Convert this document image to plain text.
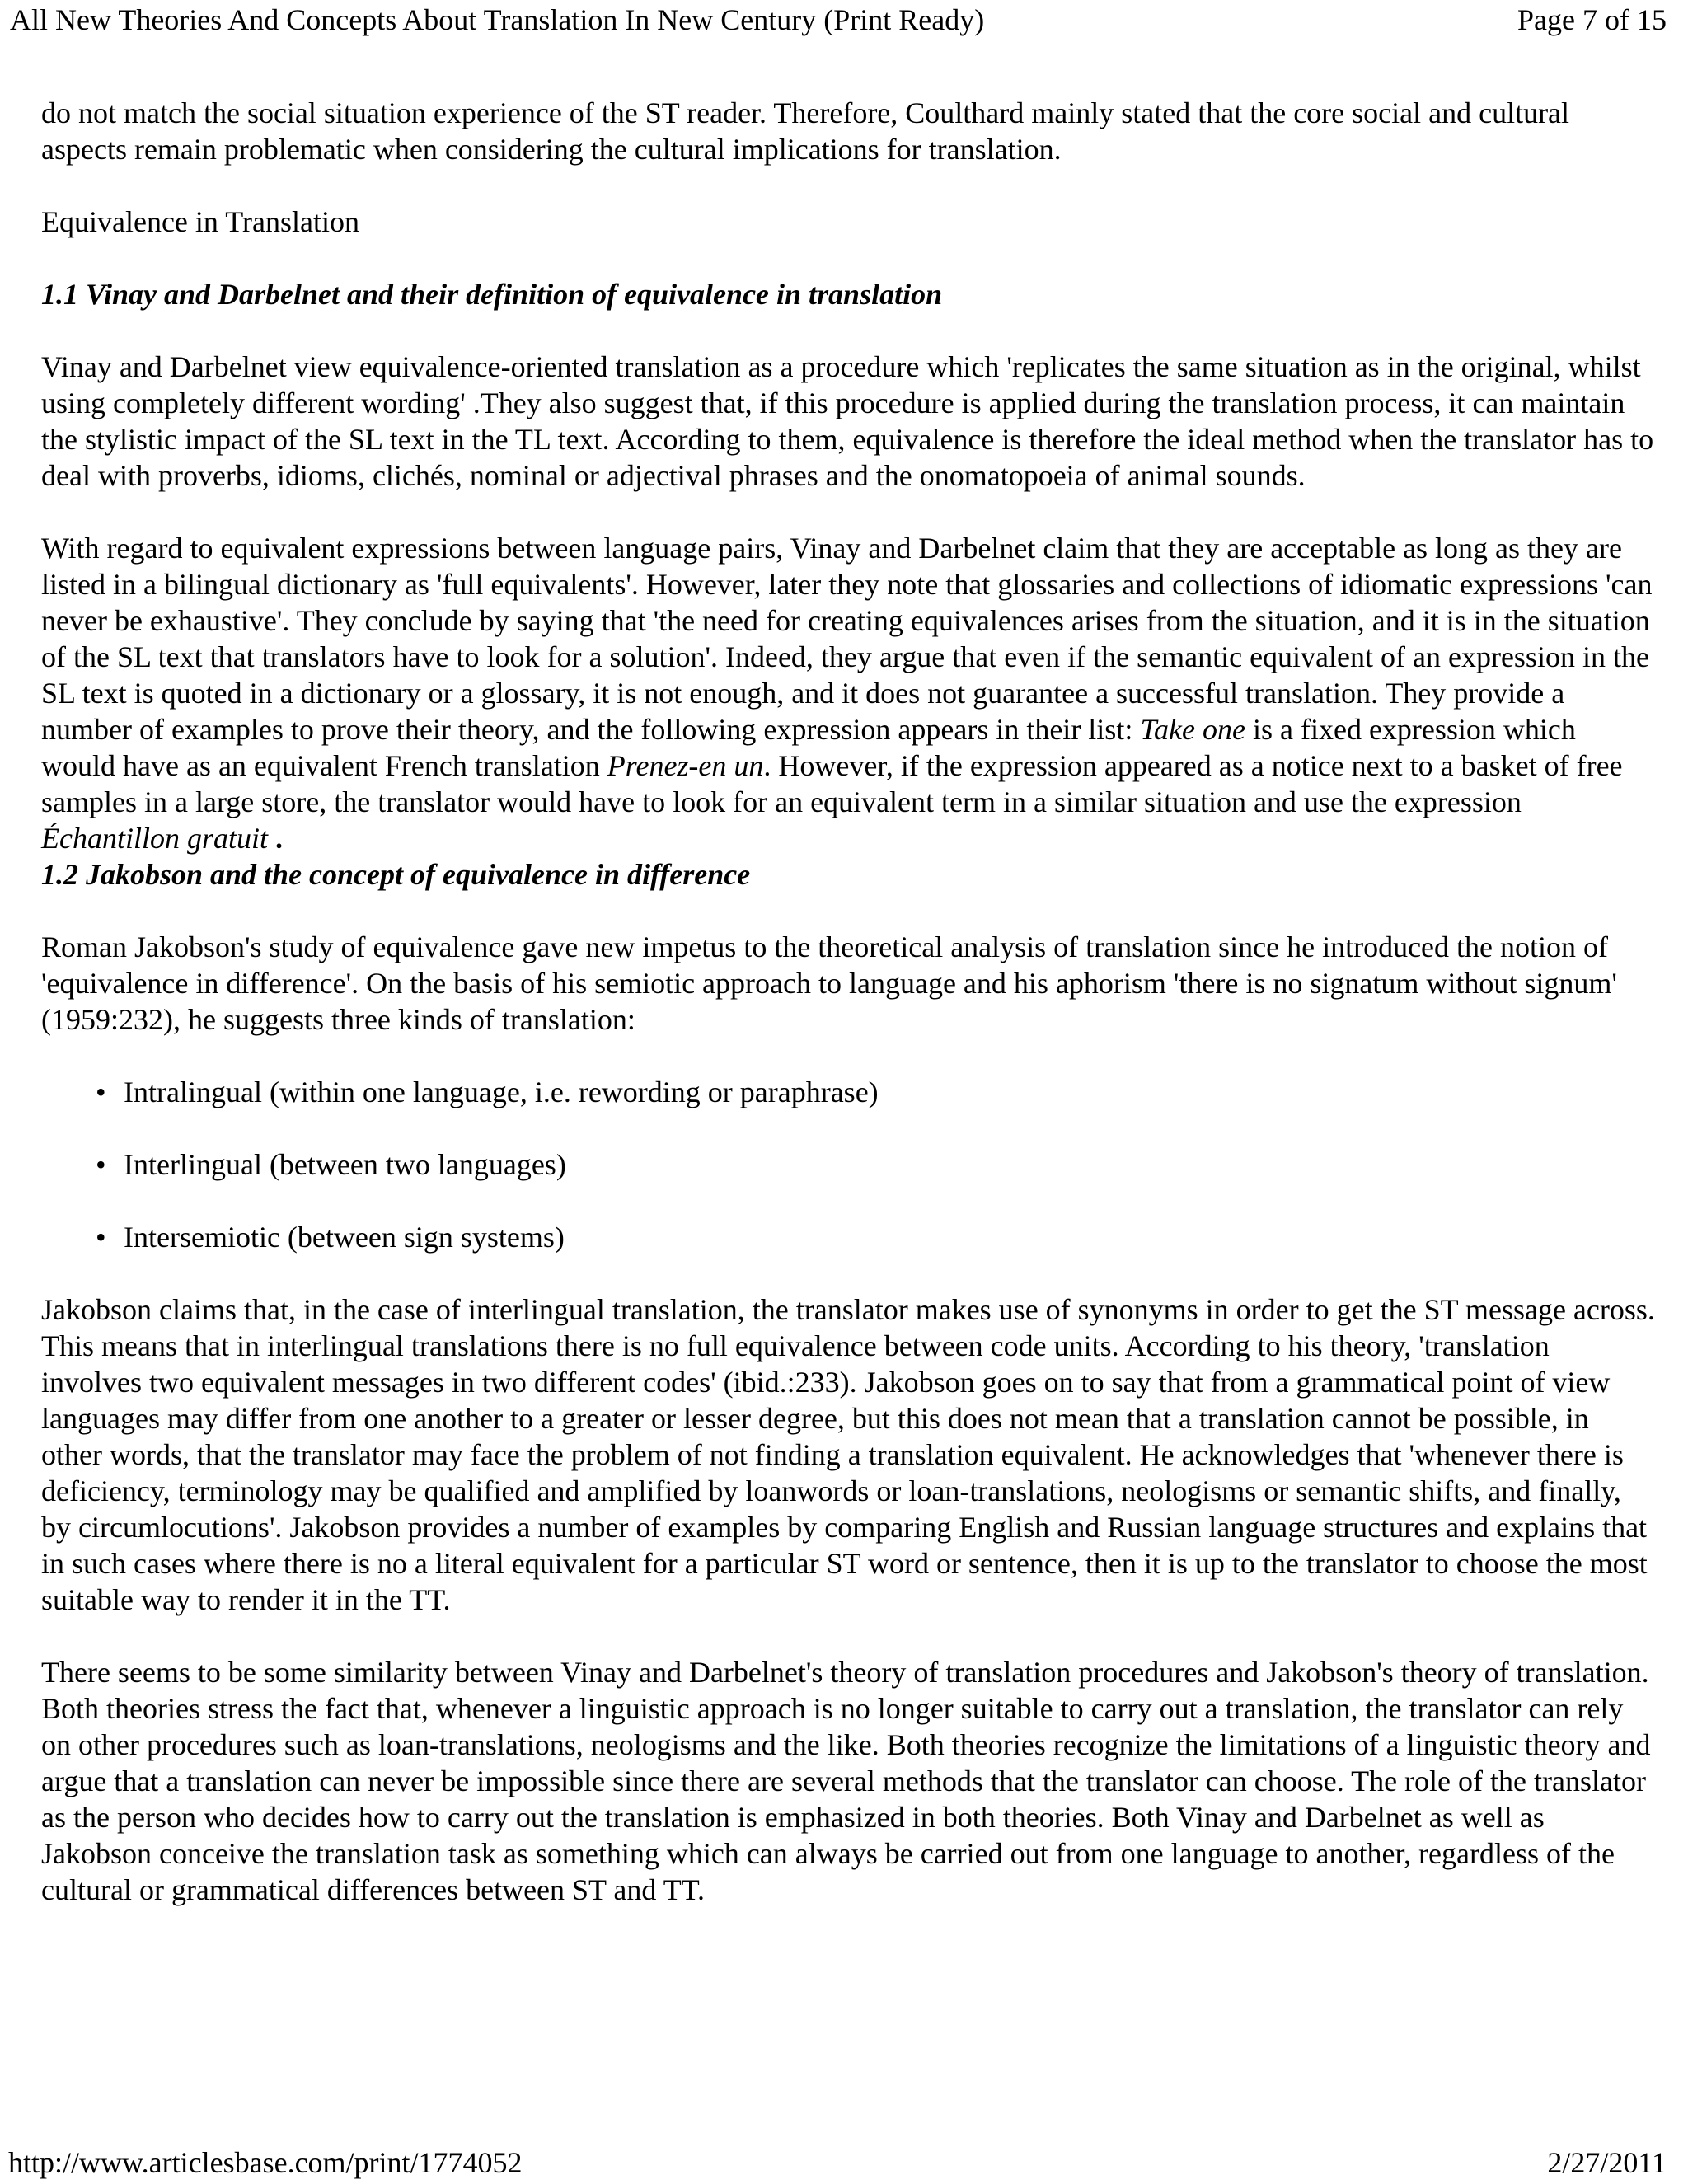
All New Theories And Concepts About Translation In New Century (Print Ready)	Page 7 of 15

do not match the social situation experience of the ST reader. Therefore, Coulthard mainly stated that the core social and cultural aspects remain problematic when considering the cultural implications for translation.

Equivalence in Translation

1.1 Vinay and Darbelnet and their definition of equivalence in translation

Vinay and Darbelnet view equivalence-oriented translation as a procedure which 'replicates the same situation as in the original, whilst using completely different wording' .They also suggest that, if this procedure is applied during the translation process, it can maintain the stylistic impact of the SL text in the TL text. According to them, equivalence is therefore the ideal method when the translator has to deal with proverbs, idioms, clichés, nominal or adjectival phrases and the onomatopoeia of animal sounds.

With regard to equivalent expressions between language pairs, Vinay and Darbelnet claim that they are acceptable as long as they are listed in a bilingual dictionary as 'full equivalents'. However, later they note that glossaries and collections of idiomatic expressions 'can never be exhaustive'. They conclude by saying that 'the need for creating equivalences arises from the situation, and it is in the situation of the SL text that translators have to look for a solution'. Indeed, they argue that even if the semantic equivalent of an expression in the SL text is quoted in a dictionary or a glossary, it is not enough, and it does not guarantee a successful translation. They provide a number of examples to prove their theory, and the following expression appears in their list: Take one is a fixed expression which would have as an equivalent French translation Prenez-en un. However, if the expression appeared as a notice next to a basket of free samples in a large store, the translator would have to look for an equivalent term in a similar situation and use the expression Échantillon gratuit .

1.2 Jakobson and the concept of equivalence in difference

Roman Jakobson's study of equivalence gave new impetus to the theoretical analysis of translation since he introduced the notion of 'equivalence in difference'. On the basis of his semiotic approach to language and his aphorism 'there is no signatum without signum' (1959:232), he suggests three kinds of translation:

• Intralingual (within one language, i.e. rewording or paraphrase)
• Interlingual (between two languages)
• Intersemiotic (between sign systems)

Jakobson claims that, in the case of interlingual translation, the translator makes use of synonyms in order to get the ST message across. This means that in interlingual translations there is no full equivalence between code units. According to his theory, 'translation involves two equivalent messages in two different codes' (ibid.:233). Jakobson goes on to say that from a grammatical point of view languages may differ from one another to a greater or lesser degree, but this does not mean that a translation cannot be possible, in other words, that the translator may face the problem of not finding a translation equivalent. He acknowledges that 'whenever there is deficiency, terminology may be qualified and amplified by loanwords or loan-translations, neologisms or semantic shifts, and finally, by circumlocutions'. Jakobson provides a number of examples by comparing English and Russian language structures and explains that in such cases where there is no a literal equivalent for a particular ST word or sentence, then it is up to the translator to choose the most suitable way to render it in the TT.

There seems to be some similarity between Vinay and Darbelnet's theory of translation procedures and Jakobson's theory of translation. Both theories stress the fact that, whenever a linguistic approach is no longer suitable to carry out a translation, the translator can rely on other procedures such as loan-translations, neologisms and the like. Both theories recognize the limitations of a linguistic theory and argue that a translation can never be impossible since there are several methods that the translator can choose. The role of the translator as the person who decides how to carry out the translation is emphasized in both theories. Both Vinay and Darbelnet as well as Jakobson conceive the translation task as something which can always be carried out from one language to another, regardless of the cultural or grammatical differences between ST and TT.

http://www.articlesbase.com/print/1774052	2/27/2011
